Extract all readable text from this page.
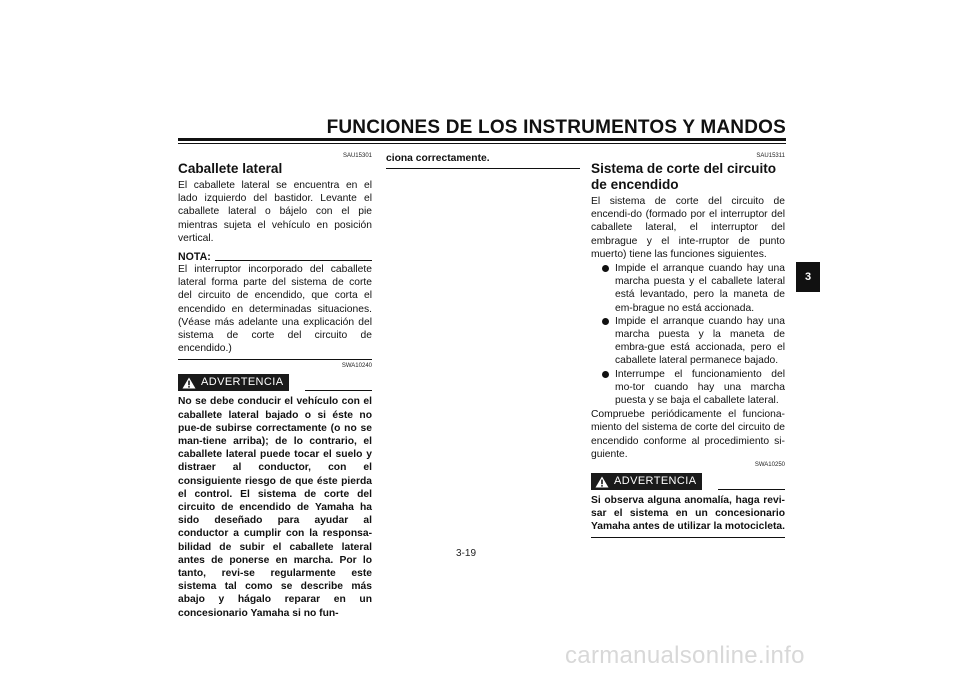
FUNCIONES DE LOS INSTRUMENTOS Y MANDOS
SAU15301
Caballete lateral
El caballete lateral se encuentra en el lado izquierdo del bastidor. Levante el caballete lateral o bájelo con el pie mientras sujeta el vehículo en posición vertical.
NOTA:
El interruptor incorporado del caballete lateral forma parte del sistema de corte del circuito de encendido, que corta el encendido en determinadas situaciones. (Véase más adelante una explicación del sistema de corte del circuito de encendido.)
SWA10240
ADVERTENCIA
No se debe conducir el vehículo con el caballete lateral bajado o si éste no pue-de subirse correctamente (o no se man-tiene arriba); de lo contrario, el caballete lateral puede tocar el suelo y distraer al conductor, con el consiguiente riesgo de que éste pierda el control. El sistema de corte del circuito de encendido de Yamaha ha sido deseñado para ayudar al conductor a cumplir con la responsa-bilidad de subir el caballete lateral antes de ponerse en marcha. Por lo tanto, revi-se regularmente este sistema tal como se describe más abajo y hágalo reparar en un concesionario Yamaha si no fun-
ciona correctamente.	SAU15311
Sistema de corte del circuito de encendido
El sistema de corte del circuito de encendi-do (formado por el interruptor del caballete lateral, el interruptor del embrague y el inte-rruptor de punto muerto) tiene las funciones siguientes.
Impide el arranque cuando hay una marcha puesta y el caballete lateral está levantado, pero la maneta de em-brague no está accionada.
Impide el arranque cuando hay una marcha puesta y la maneta de embra-gue está accionada, pero el caballete lateral permanece bajado.
Interrumpe el funcionamiento del mo-tor cuando hay una marcha puesta y se baja el caballete lateral.
Compruebe periódicamente el funciona-miento del sistema de corte del circuito de encendido conforme al procedimiento si-guiente.
SWA10250
ADVERTENCIA
Si observa alguna anomalía, haga revi-sar el sistema en un concesionario Yamaha antes de utilizar la motocicleta.
3-19
3
carmanualsonline.info
